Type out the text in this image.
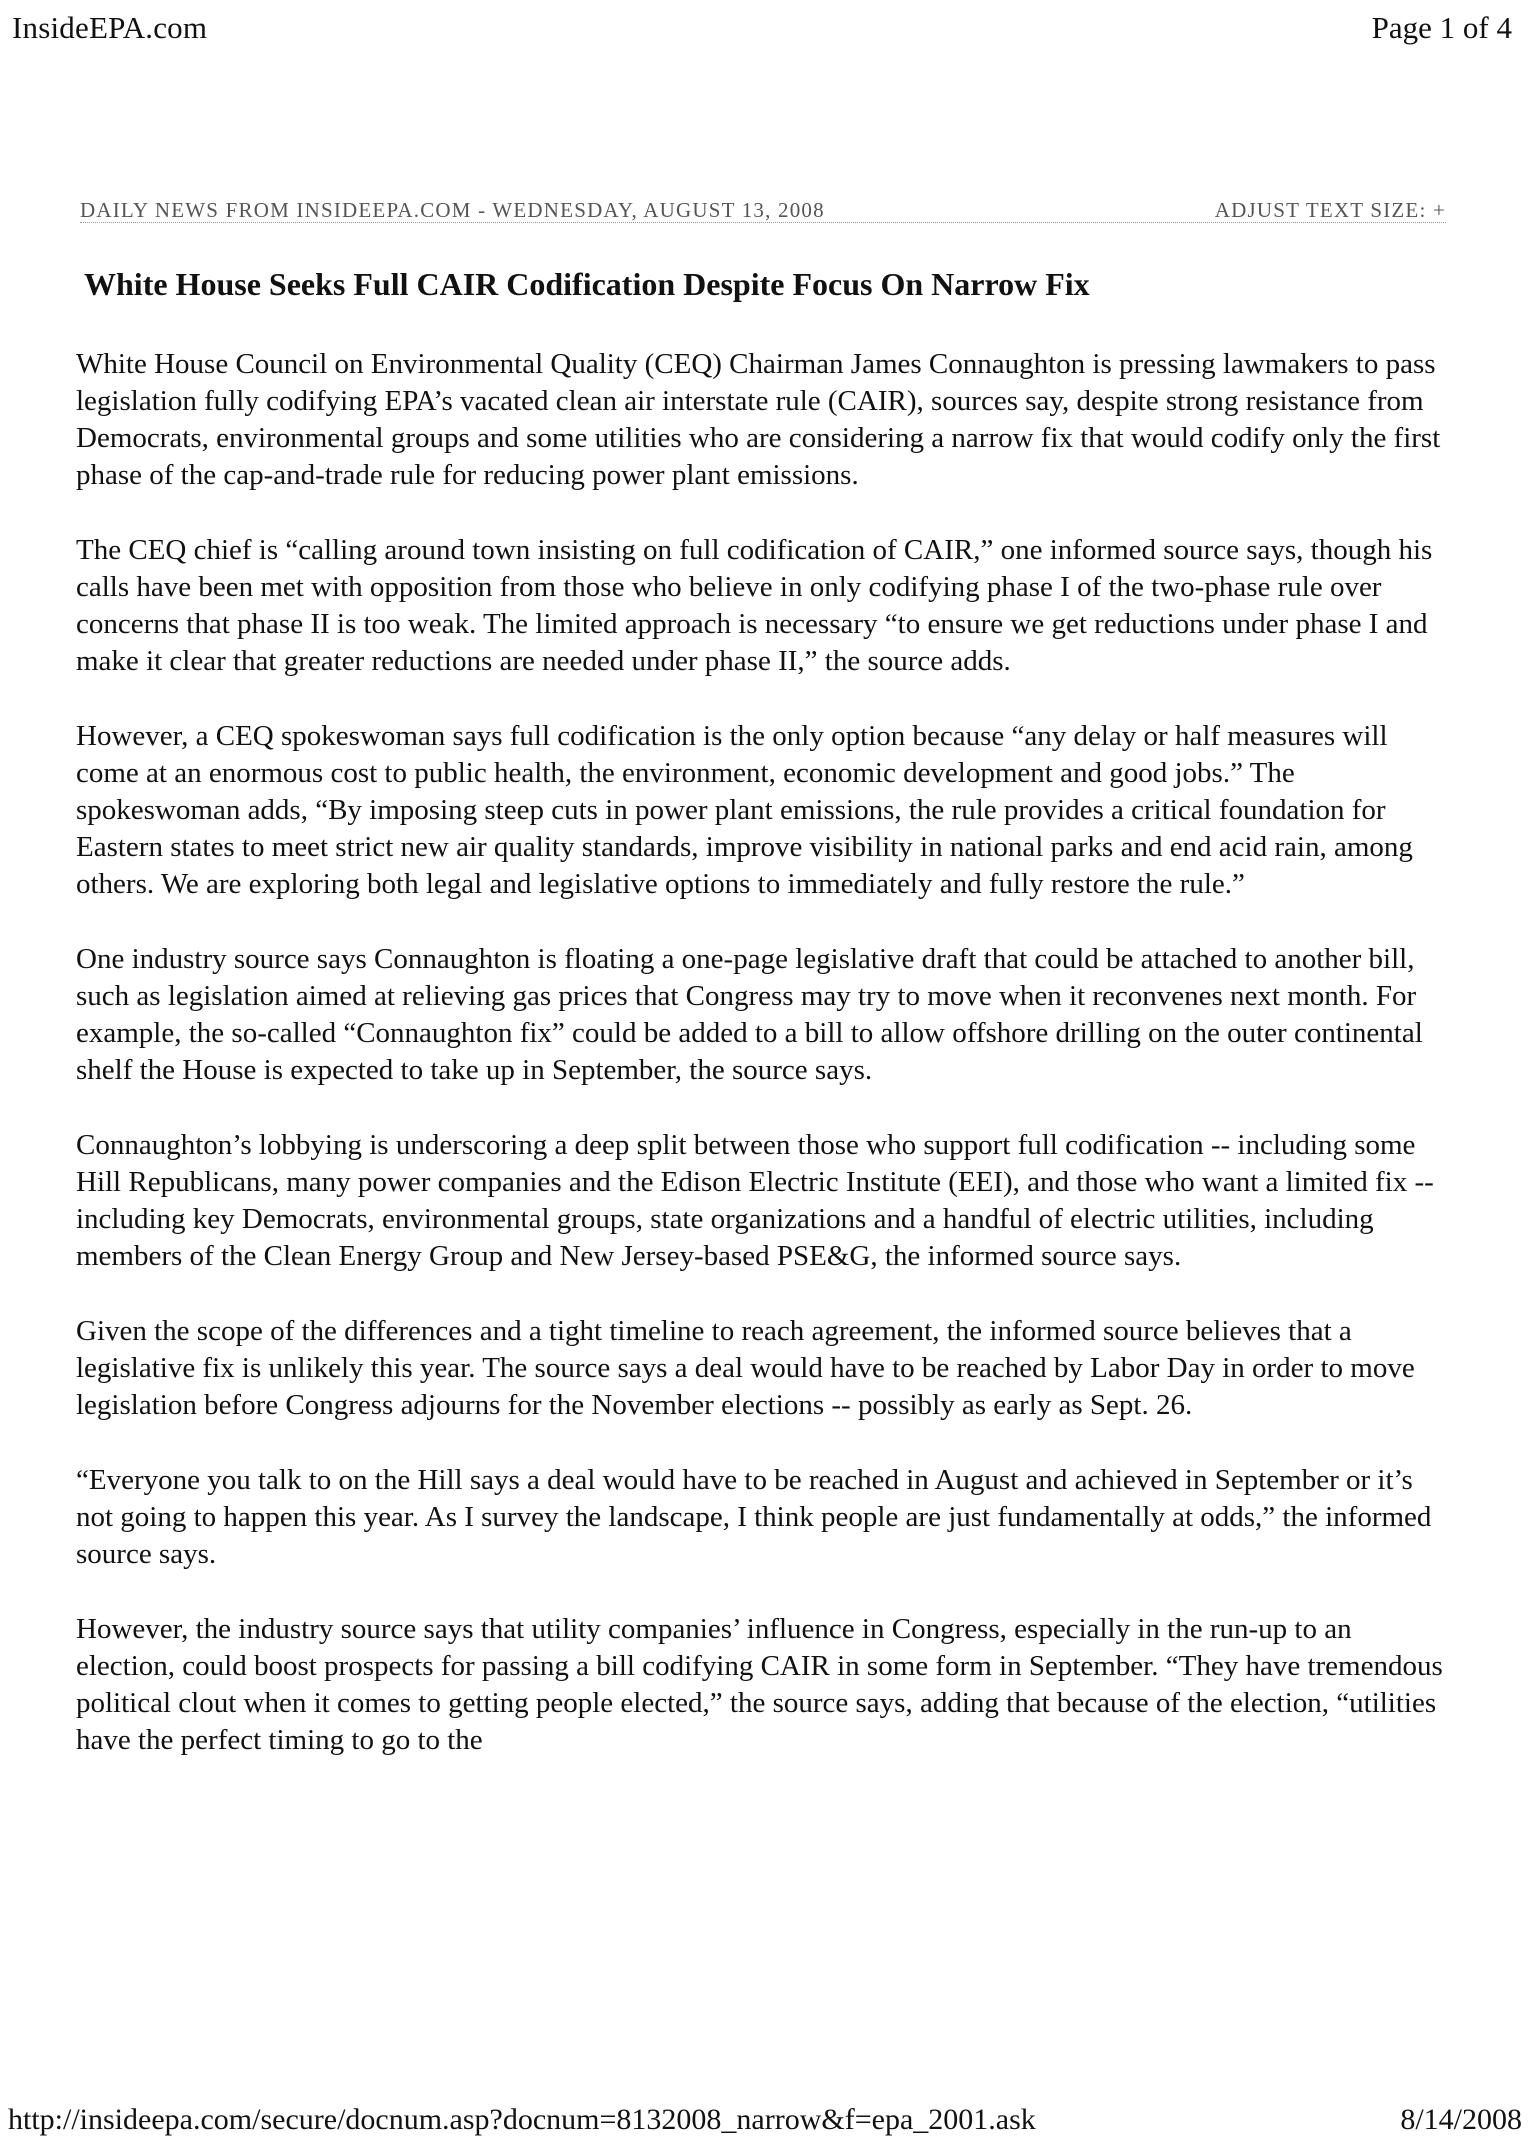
InsideEPA.com	Page 1 of 4
DAILY NEWS FROM INSIDEEPA.COM - WEDNESDAY, AUGUST 13, 2008	ADJUST TEXT SIZE: +
White House Seeks Full CAIR Codification Despite Focus On Narrow Fix

White House Council on Environmental Quality (CEQ) Chairman James Connaughton is pressing lawmakers to pass legislation fully codifying EPA’s vacated clean air interstate rule (CAIR), sources say, despite strong resistance from Democrats, environmental groups and some utilities who are considering a narrow fix that would codify only the first phase of the cap-and-trade rule for reducing power plant emissions.

The CEQ chief is “calling around town insisting on full codification of CAIR,” one informed source says, though his calls have been met with opposition from those who believe in only codifying phase I of the two-phase rule over concerns that phase II is too weak. The limited approach is necessary “to ensure we get reductions under phase I and make it clear that greater reductions are needed under phase II,” the source adds.

However, a CEQ spokeswoman says full codification is the only option because “any delay or half measures will come at an enormous cost to public health, the environment, economic development and good jobs.” The spokeswoman adds, “By imposing steep cuts in power plant emissions, the rule provides a critical foundation for Eastern states to meet strict new air quality standards, improve visibility in national parks and end acid rain, among others. We are exploring both legal and legislative options to immediately and fully restore the rule.”

One industry source says Connaughton is floating a one-page legislative draft that could be attached to another bill, such as legislation aimed at relieving gas prices that Congress may try to move when it reconvenes next month. For example, the so-called “Connaughton fix” could be added to a bill to allow offshore drilling on the outer continental shelf the House is expected to take up in September, the source says.

Connaughton’s lobbying is underscoring a deep split between those who support full codification -- including some Hill Republicans, many power companies and the Edison Electric Institute (EEI), and those who want a limited fix -- including key Democrats, environmental groups, state organizations and a handful of electric utilities, including members of the Clean Energy Group and New Jersey-based PSE&G, the informed source says.

Given the scope of the differences and a tight timeline to reach agreement, the informed source believes that a legislative fix is unlikely this year. The source says a deal would have to be reached by Labor Day in order to move legislation before Congress adjourns for the November elections -- possibly as early as Sept. 26.

“Everyone you talk to on the Hill says a deal would have to be reached in August and achieved in September or it’s not going to happen this year. As I survey the landscape, I think people are just fundamentally at odds,” the informed source says.

However, the industry source says that utility companies’ influence in Congress, especially in the run-up to an election, could boost prospects for passing a bill codifying CAIR in some form in September. “They have tremendous political clout when it comes to getting people elected,” the source says, adding that because of the election, “utilities have the perfect timing to go to the

http://insideepa.com/secure/docnum.asp?docnum=8132008_narrow&f=epa_2001.ask	8/14/2008
